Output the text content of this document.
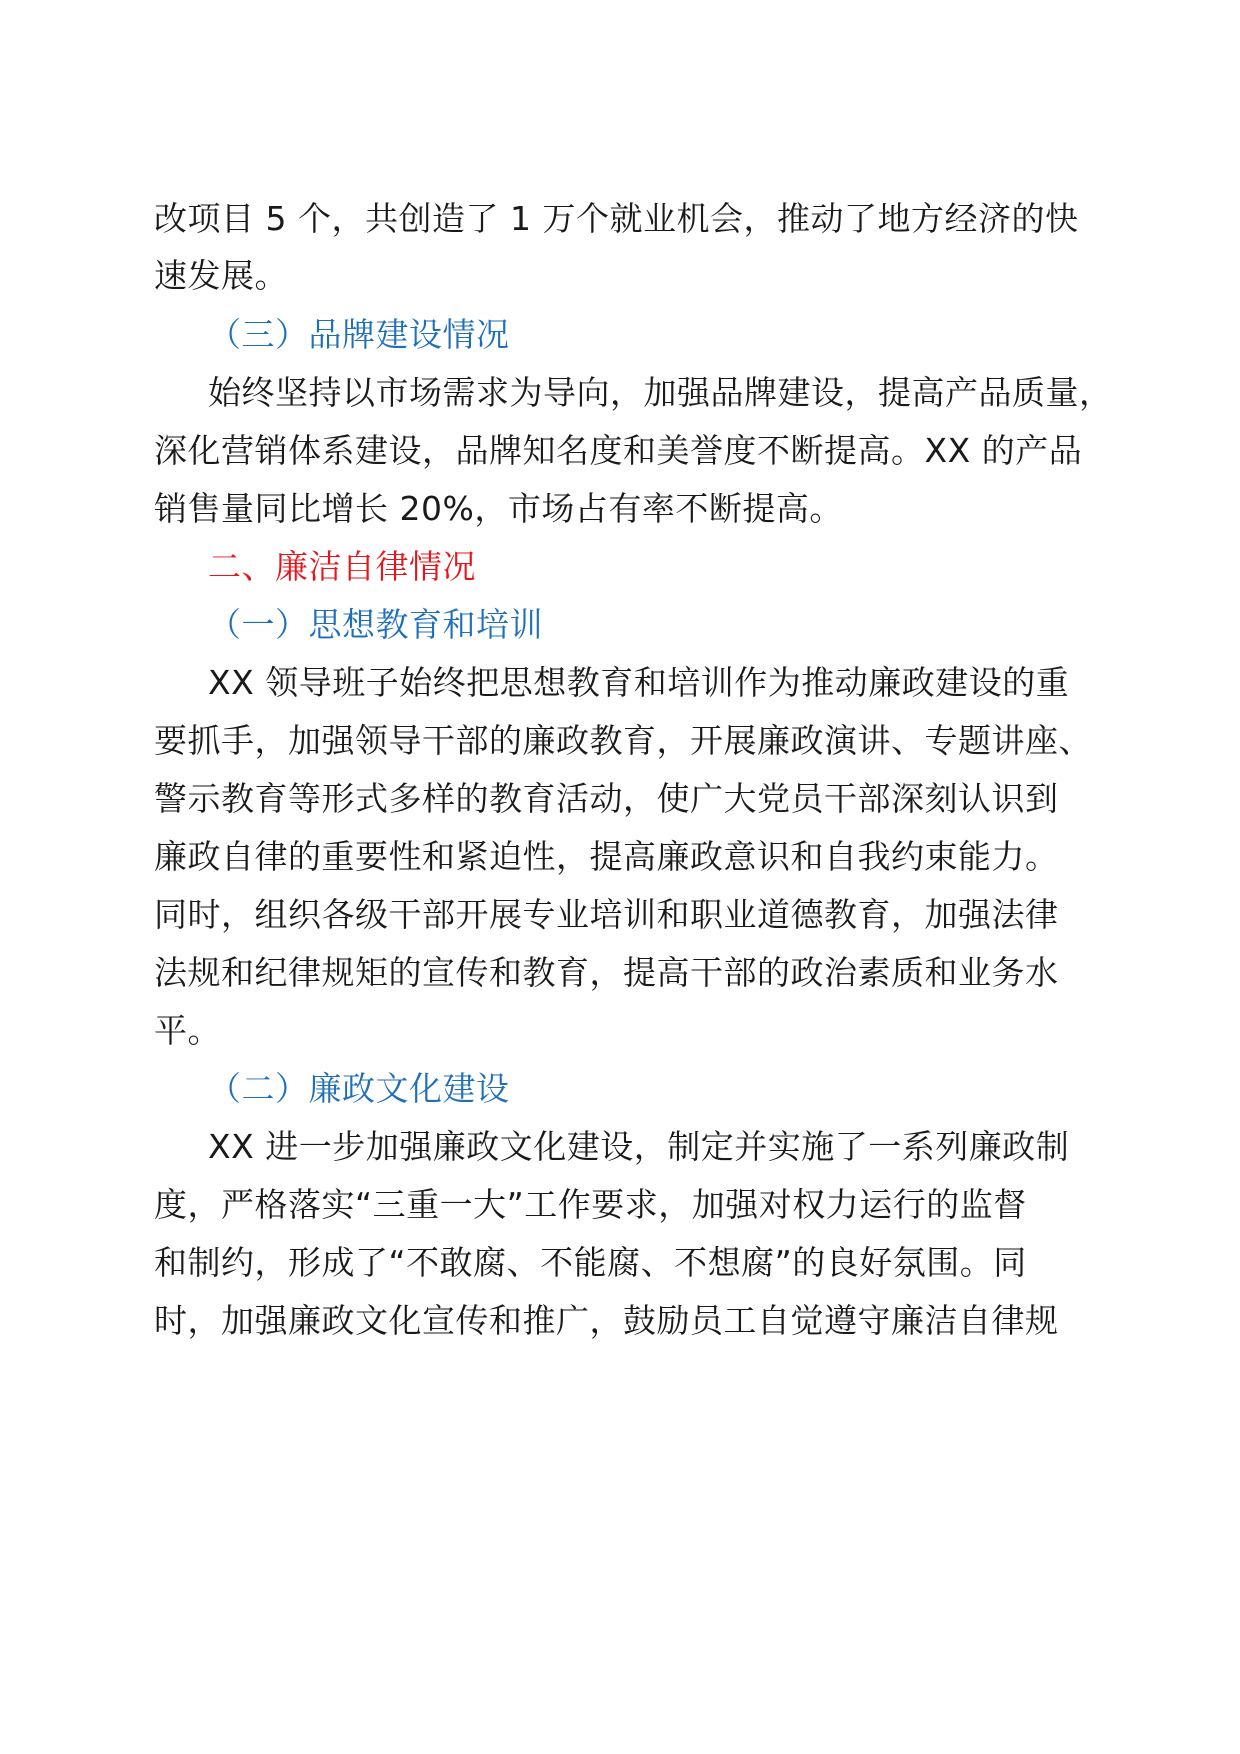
改项目 5 个，共创造了 1 万个就业机会，推动了地方经济的快
速发展。
（三）品牌建设情况
始终坚持以市场需求为导向，加强品牌建设，提高产品质量，
深化营销体系建设，品牌知名度和美誉度不断提高。XX 的产品
销售量同比增长 20%，市场占有率不断提高。
二、廉洁自律情况
（一）思想教育和培训
XX 领导班子始终把思想教育和培训作为推动廉政建设的重
要抓手，加强领导干部的廉政教育，开展廉政演讲、专题讲座、
警示教育等形式多样的教育活动，使广大党员干部深刻认识到
廉政自律的重要性和紧迫性，提高廉政意识和自我约束能力。
同时，组织各级干部开展专业培训和职业道德教育，加强法律
法规和纪律规矩的宣传和教育，提高干部的政治素质和业务水
平。
（二）廉政文化建设
XX 进一步加强廉政文化建设，制定并实施了一系列廉政制
度，严格落实“三重一大”工作要求，加强对权力运行的监督
和制约，形成了“不敢腐、不能腐、不想腐”的良好氛围。同
时，加强廉政文化宣传和推广，鼓励员工自觉遵守廉洁自律规
